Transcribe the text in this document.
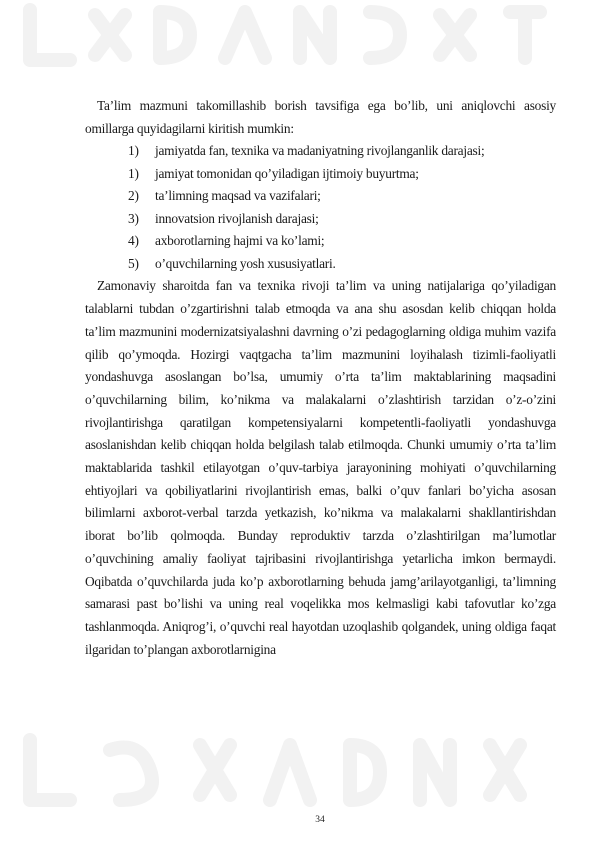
Ta’lim mazmuni takomillashib borish tavsifiga ega bo’lib, uni aniqlovchi asosiy omillarga quyidagilarni kiritish mumkin:

1) jamiyatda fan, texnika va madaniyatning rivojlanganlik darajasi;
1) jamiyat tomonidan qo’yiladigan ijtimoiy buyurtma;
2) ta’limning maqsad va vazifalari;
3) innovatsion rivojlanish darajasi;
4) axborotlarning hajmi va ko’lami;
5) o’quvchilarning yosh xususiyatlari.

Zamonaviy sharoitda fan va texnika rivoji ta’lim va uning natijalariga qo’yiladigan talablarni tubdan o’zgartirishni talab etmoqda va ana shu asosdan kelib chiqqan holda ta’lim mazmunini modernizatsiyalashni davrning o’zi pedagoglarning oldiga muhim vazifa qilib qo’ymoqda. Hozirgi vaqtgacha ta’lim mazmunini loyihalash tizimli-faoliyatli yondashuvga asoslangan bo’lsa, umumiy o’rta ta’lim maktablarining maqsadini o’quvchilarning bilim, ko’nikma va malakalarni o’zlashtirish tarzidan o’z-o’zini rivojlantirishga qaratilgan kompetensiyalarni kompetentli-faoliyatli yondashuvga asoslanishdan kelib chiqqan holda belgilash talab etilmoqda. Chunki umumiy o’rta ta’lim maktablarida tashkil etilayotgan o’quv-tarbiya jarayonining mohiyati o’quvchilarning ehtiyojlari va qobiliyatlarini rivojlantirish emas, balki o’quv fanlari bo’yicha asosan bilimlarni axborot-verbal tarzda yetkazish, ko’nikma va malakalarni shakllantirishdan iborat bo’lib qolmoqda. Bunday reproduktiv tarzda o’zlashtirilgan ma’lumotlar o’quvchining amaliy faoliyat tajribasini rivojlantirishga yetarlicha imkon bermaydi. Oqibatda o’quvchilarda juda ko’p axborotlarning behuda jamg’arilayotganligi, ta’limning samarasi past bo’lishi va uning real voqelikka mos kelmasligi kabi tafovutlar ko’zga tashlanmoqda. Aniqrog’i, o’quvchi real hayotdan uzoqlashib qolgandek, uning oldiga faqat ilgaridan to’plangan axborotlarnigina

34
